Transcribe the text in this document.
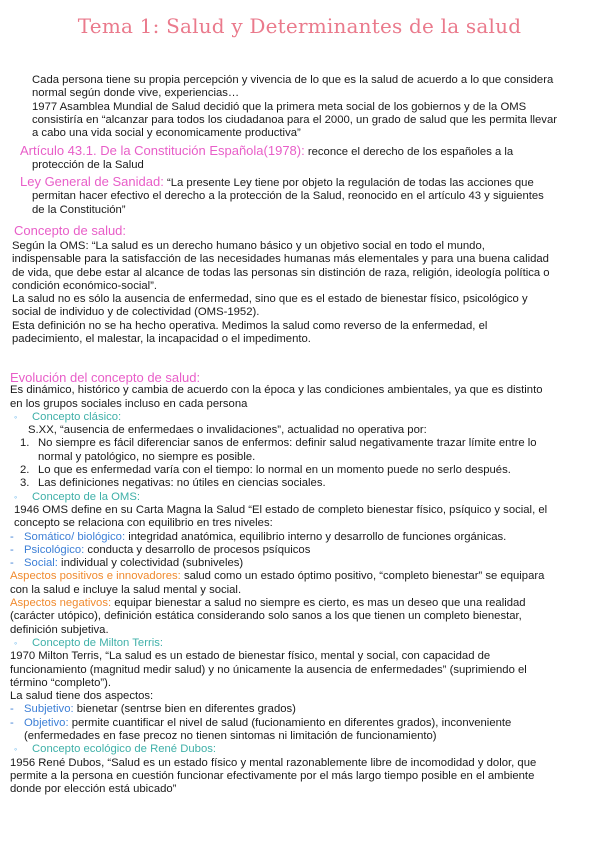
Tema 1: Salud y Determinantes de la salud

Cada persona tiene su propia percepción y vivencia de lo que es la salud de acuerdo a lo que considera

normal según donde vive, experiencias…

1977 Asamblea Mundial de Salud decidió que la primera meta social de los gobiernos y de la OMS

consistiría en “alcanzar para todos los ciudadanoa para el 2000, un grado de salud que les permita llevar

a cabo una vida social y economicamente productiva”

Artículo 43.1. De la Constitución Española(1978): reconce el derecho de los españoles a la

protección de la Salud

Ley General de Sanidad: “La presente Ley tiene por objeto la regulación de todas las acciones que

permitan hacer efectivo el derecho a la protección de la Salud, reonocido en el artículo 43 y siguientes

de la Constitución”

Concepto de salud:

Según la OMS: “La salud es un derecho humano básico y un objetivo social en todo el mundo,

indispensable para la satisfacción de las necesidades humanas más elementales y para una buena calidad

de vida, que debe estar al alcance de todas las personas sin distinción de raza, religión, ideología política o

condición económico-social”.

La salud no es sólo la ausencia de enfermedad, sino que es el estado de bienestar físico, psicológico y

social de individuo y de colectividad (OMS-1952).

Esta definición no se ha hecho operativa. Medimos la salud como reverso de la enfermedad, el

padecimiento, el malestar, la incapacidad o el impedimento.

Evolución del concepto de salud:

Es dinámico, histórico y cambia de acuerdo con la época y las condiciones ambientales, ya que es distinto

en los grupos sociales incluso en cada persona

◦ Concepto clásico:

S.XX, “ausencia de enfermedaes o invalidaciones”, actualidad no operativa por:

1. No siempre es fácil diferenciar sanos de enfermos: definir salud negativamente trazar límite entre lo

normal y patológico, no siempre es posible.

2. Lo que es enfermedad varía con el tiempo: lo normal en un momento puede no serlo después.

3. Las definiciones negativas: no útiles en ciencias sociales.

◦ Concepto de la OMS:

1946 OMS define en su Carta Magna la Salud “El estado de completo bienestar físico, psíquico y social, el

concepto se relaciona con equilibrio en tres niveles:

- Somático/ biológico: integridad anatómica, equilibrio interno y desarrollo de funciones orgánicas.

- Psicológico: conducta y desarrollo de procesos psíquicos

- Social: individual y colectividad (subniveles)

Aspectos positivos e innovadores: salud como un estado óptimo positivo, “completo bienestar” se equipara

con la salud e incluye la salud mental y social.

Aspectos negativos: equipar bienestar a salud no siempre es cierto, es mas un deseo que una realidad

(carácter utópico), definición estática considerando solo sanos a los que tienen un completo bienestar,

definición subjetiva.

◦ Concepto de Milton Terris:

1970 Milton Terris, “La salud es un estado de bienestar físico, mental y social, con capacidad de

funcionamiento (magnitud medir salud) y no únicamente la ausencia de enfermedades” (suprimiendo el

término “completo”).

La salud tiene dos aspectos:

- Subjetivo: bienetar (sentrse bien en diferentes grados)

- Objetivo: permite cuantificar el nivel de salud (fucionamiento en diferentes grados), inconveniente

(enfermedades en fase precoz no tienen sintomas ni limitación de funcionamiento)

◦ Concepto ecológico de René Dubos:

1956 René Dubos, “Salud es un estado físico y mental razonablemente libre de incomodidad y dolor, que

permite a la persona en cuestión funcionar efectivamente por el más largo tiempo posible en el ambiente

donde por elección está ubicado”
